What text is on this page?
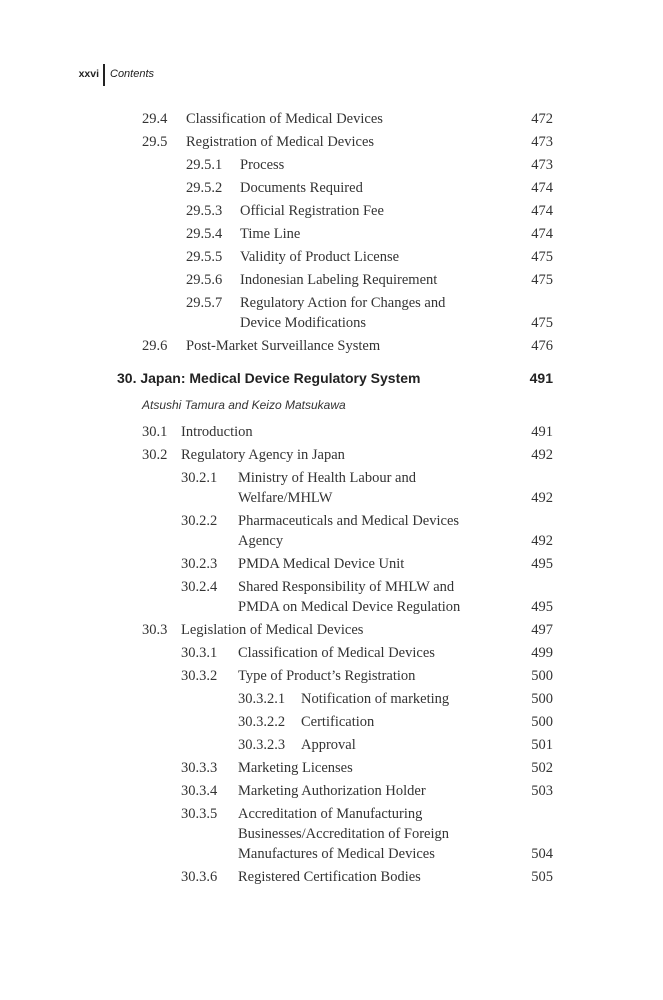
xxvi Contents
29.4 Classification of Medical Devices	472
29.5 Registration of Medical Devices	473
29.5.1 Process	473
29.5.2 Documents Required	474
29.5.3 Official Registration Fee	474
29.5.4 Time Line	474
29.5.5 Validity of Product License	475
29.5.6 Indonesian Labeling Requirement	475
29.5.7 Regulatory Action for Changes and
Device Modifications	475
29.6 Post-Market Surveillance System	476
30. Japan: Medical Device Regulatory System	491
Atsushi Tamura and Keizo Matsukawa
30.1 Introduction	491
30.2 Regulatory Agency in Japan	492
30.2.1 Ministry of Health Labour and
Welfare/MHLW	492
30.2.2 Pharmaceuticals and Medical Devices
Agency	492
30.2.3 PMDA Medical Device Unit	495
30.2.4 Shared Responsibility of MHLW and
PMDA on Medical Device Regulation	495
30.3 Legislation of Medical Devices	497
30.3.1 Classification of Medical Devices	499
30.3.2 Type of Product’s Registration	500
30.3.2.1 Notification of marketing	500
30.3.2.2 Certification	500
30.3.2.3 Approval	501
30.3.3 Marketing Licenses	502
30.3.4 Marketing Authorization Holder	503
30.3.5 Accreditation of Manufacturing
Businesses/Accreditation of Foreign
Manufactures of Medical Devices	504
30.3.6 Registered Certification Bodies	505
